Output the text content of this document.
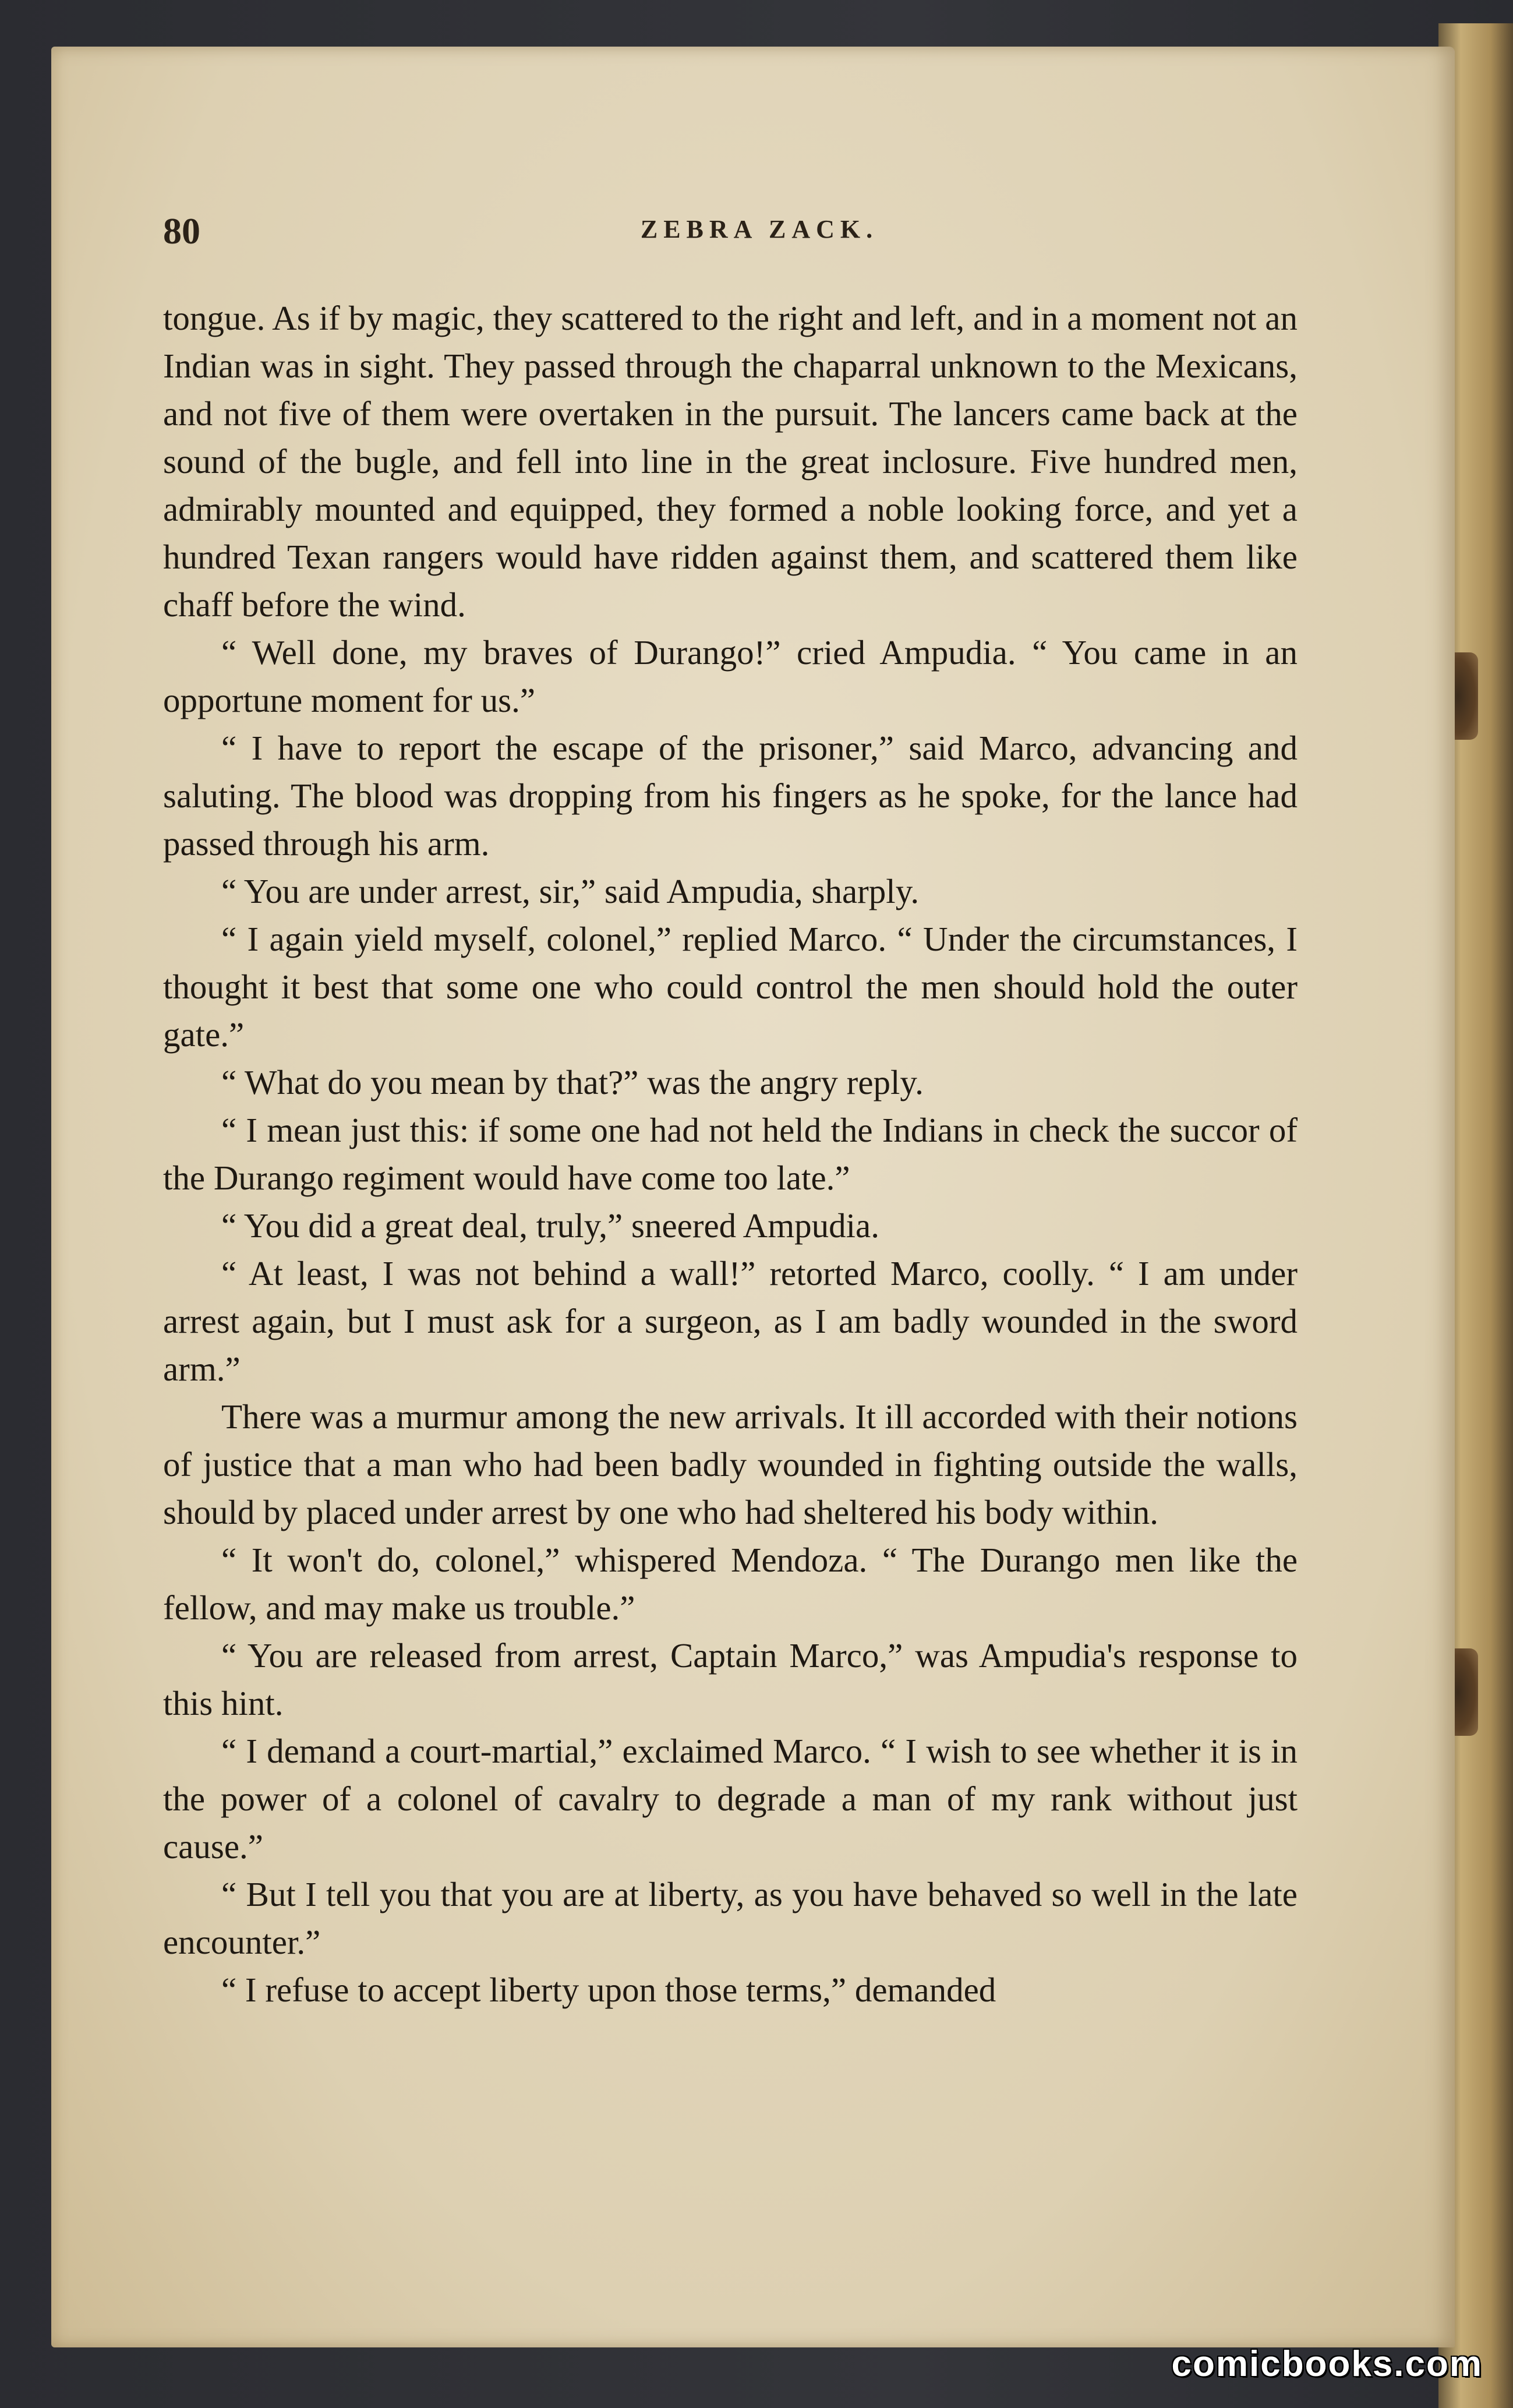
80	ZEBRA ZACK.

tongue. As if by magic, they scattered to the right and left, and in a moment not an Indian was in sight. They passed through the chaparral unknown to the Mexicans, and not five of them were overtaken in the pursuit. The lancers came back at the sound of the bugle, and fell into line in the great inclosure. Five hundred men, admirably mounted and equipped, they formed a noble looking force, and yet a hundred Texan rangers would have ridden against them, and scattered them like chaff before the wind.

“ Well done, my braves of Durango!” cried Ampudia. “ You came in an opportune moment for us.”

“ I have to report the escape of the prisoner,” said Marco, advancing and saluting. The blood was dropping from his fingers as he spoke, for the lance had passed through his arm.

“ You are under arrest, sir,” said Ampudia, sharply.

“ I again yield myself, colonel,” replied Marco. “ Under the circumstances, I thought it best that some one who could control the men should hold the outer gate.”

“ What do you mean by that?” was the angry reply.

“ I mean just this: if some one had not held the Indians in check the succor of the Durango regiment would have come too late.”

“ You did a great deal, truly,” sneered Ampudia.

“ At least, I was not behind a wall!” retorted Marco, coolly. “ I am under arrest again, but I must ask for a surgeon, as I am badly wounded in the sword arm.”

There was a murmur among the new arrivals. It ill accorded with their notions of justice that a man who had been badly wounded in fighting outside the walls, should by placed under arrest by one who had sheltered his body within.

“ It won't do, colonel,” whispered Mendoza. “ The Durango men like the fellow, and may make us trouble.”

“ You are released from arrest, Captain Marco,” was Ampudia's response to this hint.

“ I demand a court-martial,” exclaimed Marco. “ I wish to see whether it is in the power of a colonel of cavalry to degrade a man of my rank without just cause.”

“ But I tell you that you are at liberty, as you have behaved so well in the late encounter.”

“ I refuse to accept liberty upon those terms,” demanded

comicbooks.com
